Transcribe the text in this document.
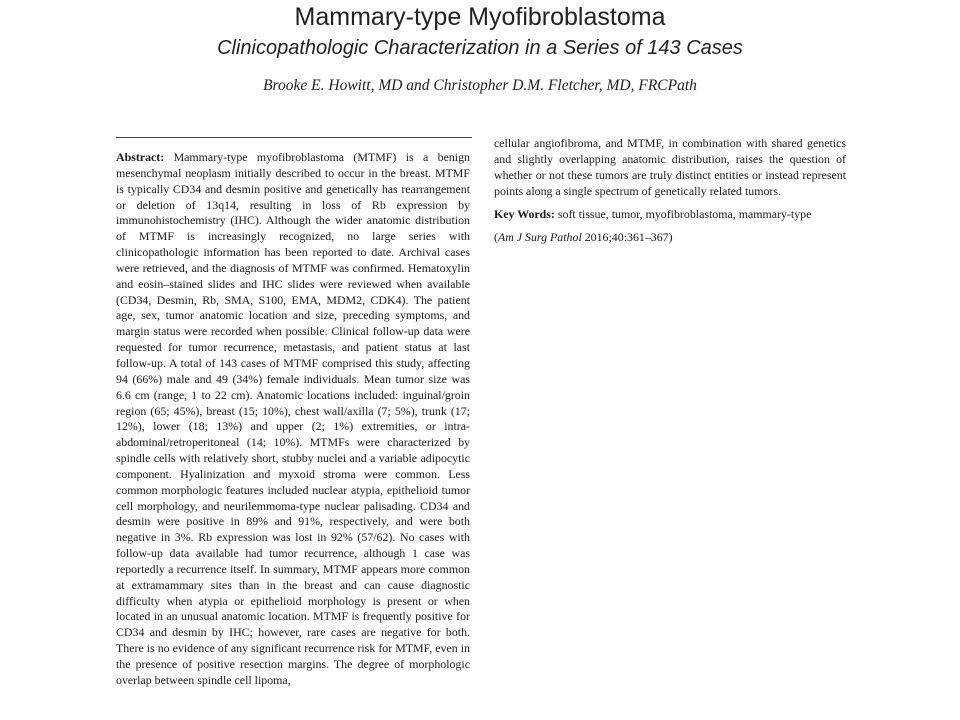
Mammary-type Myofibroblastoma
Clinicopathologic Characterization in a Series of 143 Cases
Brooke E. Howitt, MD and Christopher D.M. Fletcher, MD, FRCPath

Abstract: Mammary-type myofibroblastoma (MTMF) is a benign mesenchymal neoplasm initially described to occur in the breast. MTMF is typically CD34 and desmin positive and genetically has rearrangement or deletion of 13q14, resulting in loss of Rb expression by immunohistochemistry (IHC). Although the wider anatomic distribution of MTMF is increasingly recognized, no large series with clinicopathologic information has been reported to date. Archival cases were retrieved, and the diagnosis of MTMF was confirmed. Hematoxylin and eosin–stained slides and IHC slides were reviewed when available (CD34, Desmin, Rb, SMA, S100, EMA, MDM2, CDK4). The patient age, sex, tumor anatomic location and size, preceding symptoms, and margin status were recorded when possible. Clinical follow-up data were requested for tumor recurrence, metastasis, and patient status at last follow-up. A total of 143 cases of MTMF comprised this study, affecting 94 (66%) male and 49 (34%) female individuals. Mean tumor size was 6.6 cm (range, 1 to 22 cm). Anatomic locations included: inguinal/groin region (65; 45%), breast (15; 10%), chest wall/axilla (7; 5%), trunk (17; 12%), lower (18; 13%) and upper (2; 1%) extremities, or intra-abdominal/retroperitoneal (14; 10%). MTMFs were characterized by spindle cells with relatively short, stubby nuclei and a variable adipocytic component. Hyalinization and myxoid stroma were common. Less common morphologic features included nuclear atypia, epithelioid tumor cell morphology, and neurilemmoma-type nuclear palisading. CD34 and desmin were positive in 89% and 91%, respectively, and were both negative in 3%. Rb expression was lost in 92% (57/62). No cases with follow-up data available had tumor recurrence, although 1 case was reportedly a recurrence itself. In summary, MTMF appears more common at extramammary sites than in the breast and can cause diagnostic difficulty when atypia or epithelioid morphology is present or when located in an unusual anatomic location. MTMF is frequently positive for CD34 and desmin by IHC; however, rare cases are negative for both. There is no evidence of any significant recurrence risk for MTMF, even in the presence of positive resection margins. The degree of morphologic overlap between spindle cell lipoma,

cellular angiofibroma, and MTMF, in combination with shared genetics and slightly overlapping anatomic distribution, raises the question of whether or not these tumors are truly distinct entities or instead represent points along a single spectrum of genetically related tumors.

Key Words: soft tissue, tumor, myofibroblastoma, mammary-type

(Am J Surg Pathol 2016;40:361–367)
